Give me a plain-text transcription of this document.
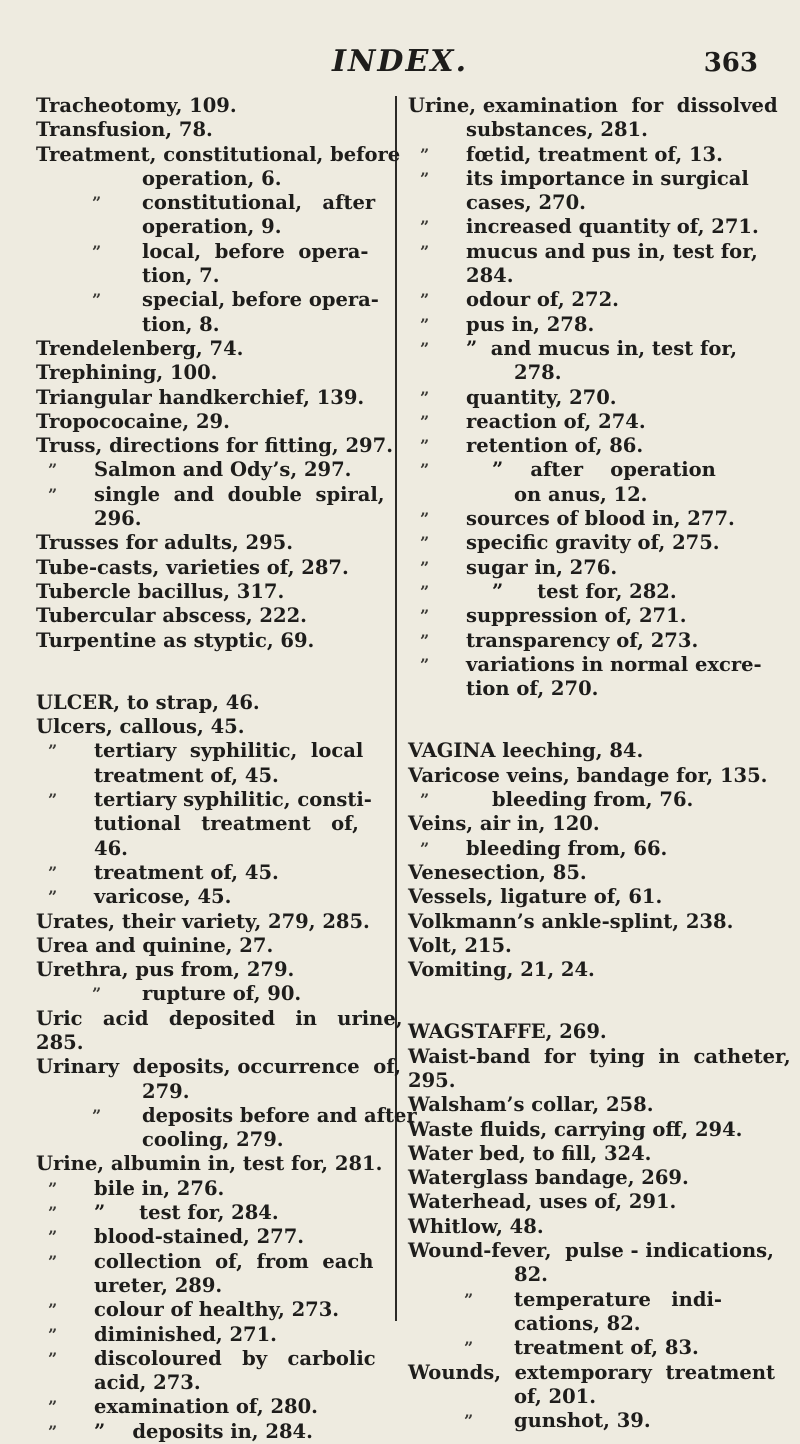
INDEX.	363
Tracheotomy, 109.
Transfusion, 78.
Treatment, constitutional, before
operation, 6.
” constitutional,   after
operation, 9.
” local,  before  opera-
tion, 7.
” special, before opera-
tion, 8.
Trendelenberg, 74.
Trephining, 100.
Triangular handkerchief, 139.
Tropococaine, 29.
Truss, directions for fitting, 297.
” Salmon and Ody’s, 297.
” single  and  double  spiral,
296.
Trusses for adults, 295.
Tube-casts, varieties of, 287.
Tubercle bacillus, 317.
Tubercular abscess, 222.
Turpentine as styptic, 69.
ULCER, to strap, 46.
Ulcers, callous, 45.
” tertiary  syphilitic,  local
treatment of, 45.
” tertiary syphilitic, consti-
tutional   treatment   of,
46.
” treatment of, 45.
” varicose, 45.
Urates, their variety, 279, 285.
Urea and quinine, 27.
Urethra, pus from, 279.
” rupture of, 90.
Uric   acid   deposited   in   urine,
285.
Urinary  deposits, occurrence  of,
279.
” deposits before and after
cooling, 279.
Urine, albumin in, test for, 281.
” bile in, 276.
” ”     test for, 284.
” blood-stained, 277.
” collection  of,  from  each
ureter, 289.
” colour of healthy, 273.
” diminished, 271.
” discoloured   by   carbolic
acid, 273.
” examination of, 280.
” ”    deposits in, 284.
Urine, examination  for  dissolved
substances, 281.
” fœtid, treatment of, 13.
” its importance in surgical
cases, 270.
” increased quantity of, 271.
” mucus and pus in, test for,
284.
” odour of, 272.
” pus in, 278.
” ”  and mucus in, test for,
278.
” quantity, 270.
” reaction of, 274.
” retention of, 86.
”	”    after    operation
on anus, 12.
” sources of blood in, 277.
” specific gravity of, 275.
” sugar in, 276.
”	”     test for, 282.
” suppression of, 271.
” transparency of, 273.
” variations in normal excre-
tion of, 270.
VAGINA leeching, 84.
Varicose veins, bandage for, 135.
”	bleeding from, 76.
Veins, air in, 120.
” bleeding from, 66.
Venesection, 85.
Vessels, ligature of, 61.
Volkmann’s ankle-splint, 238.
Volt, 215.
Vomiting, 21, 24.
WAGSTAFFE, 269.
Waist-band  for  tying  in  catheter,
295.
Walsham’s collar, 258.
Waste fluids, carrying off, 294.
Water bed, to fill, 324.
Waterglass bandage, 269.
Waterhead, uses of, 291.
Whitlow, 48.
Wound-fever,  pulse - indications,
82.
” temperature   indi-
cations, 82.
” treatment of, 83.
Wounds,  extemporary  treatment
of, 201.
” gunshot, 39.
